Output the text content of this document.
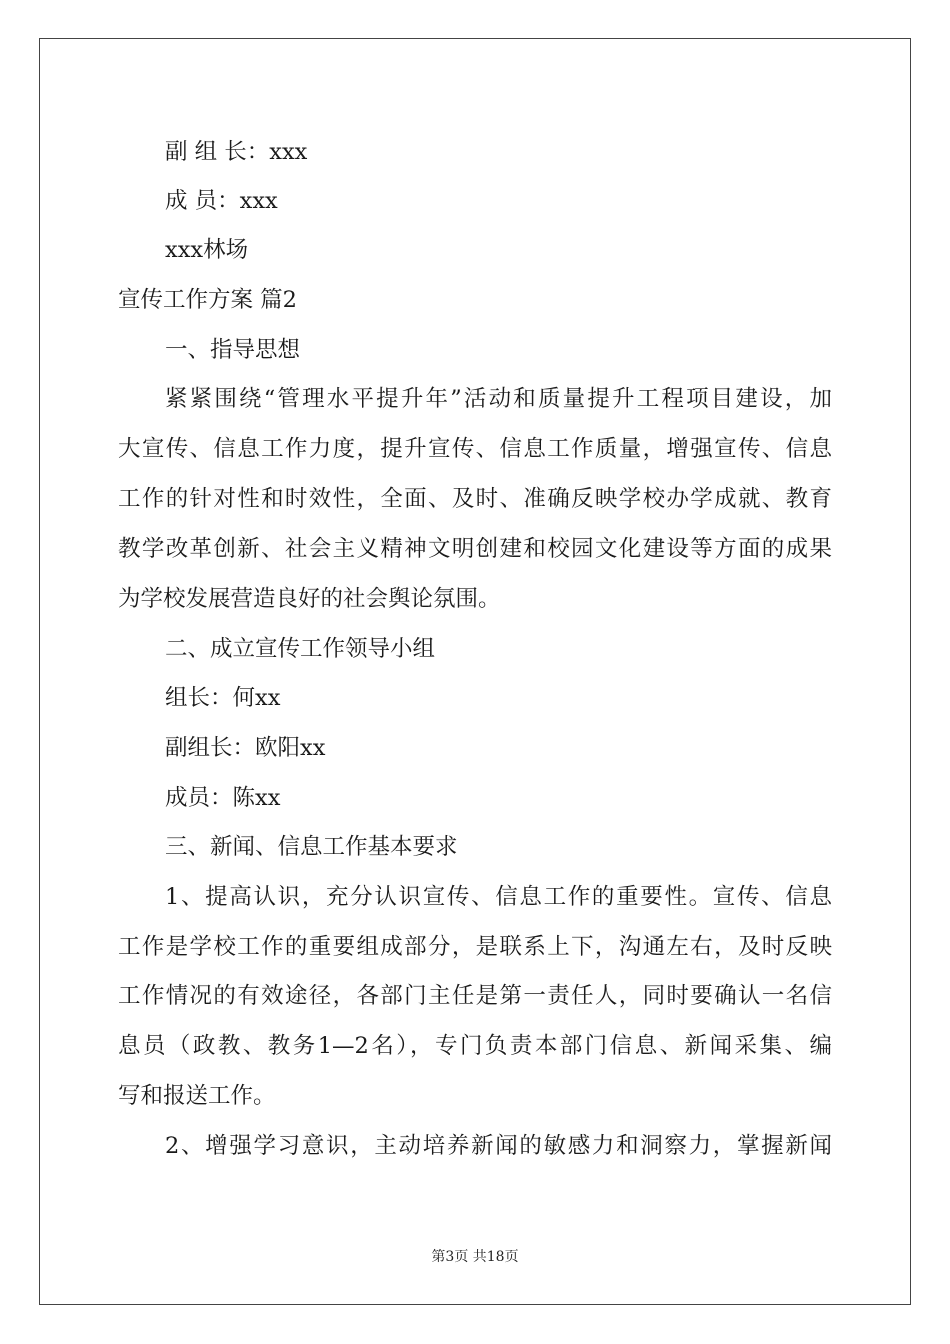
副 组 长：xxx

成 员：xxx

xxx林场

宣传工作方案 篇2

一、指导思想

紧紧围绕“管理水平提升年”活动和质量提升工程项目建设，加

大宣传、信息工作力度，提升宣传、信息工作质量，增强宣传、信息

工作的针对性和时效性，全面、及时、准确反映学校办学成就、教育

教学改革创新、社会主义精神文明创建和校园文化建设等方面的成果

为学校发展营造良好的社会舆论氛围。

二、成立宣传工作领导小组

组长：何xx

副组长：欧阳xx

成员：陈xx

三、新闻、信息工作基本要求

1、提高认识，充分认识宣传、信息工作的重要性。宣传、信息

工作是学校工作的重要组成部分，是联系上下，沟通左右，及时反映

工作情况的有效途径，各部门主任是第一责任人，同时要确认一名信

息员（政教、教务1—2名），专门负责本部门信息、新闻采集、编

写和报送工作。

2、增强学习意识，主动培养新闻的敏感力和洞察力，掌握新闻

第3页 共18页
